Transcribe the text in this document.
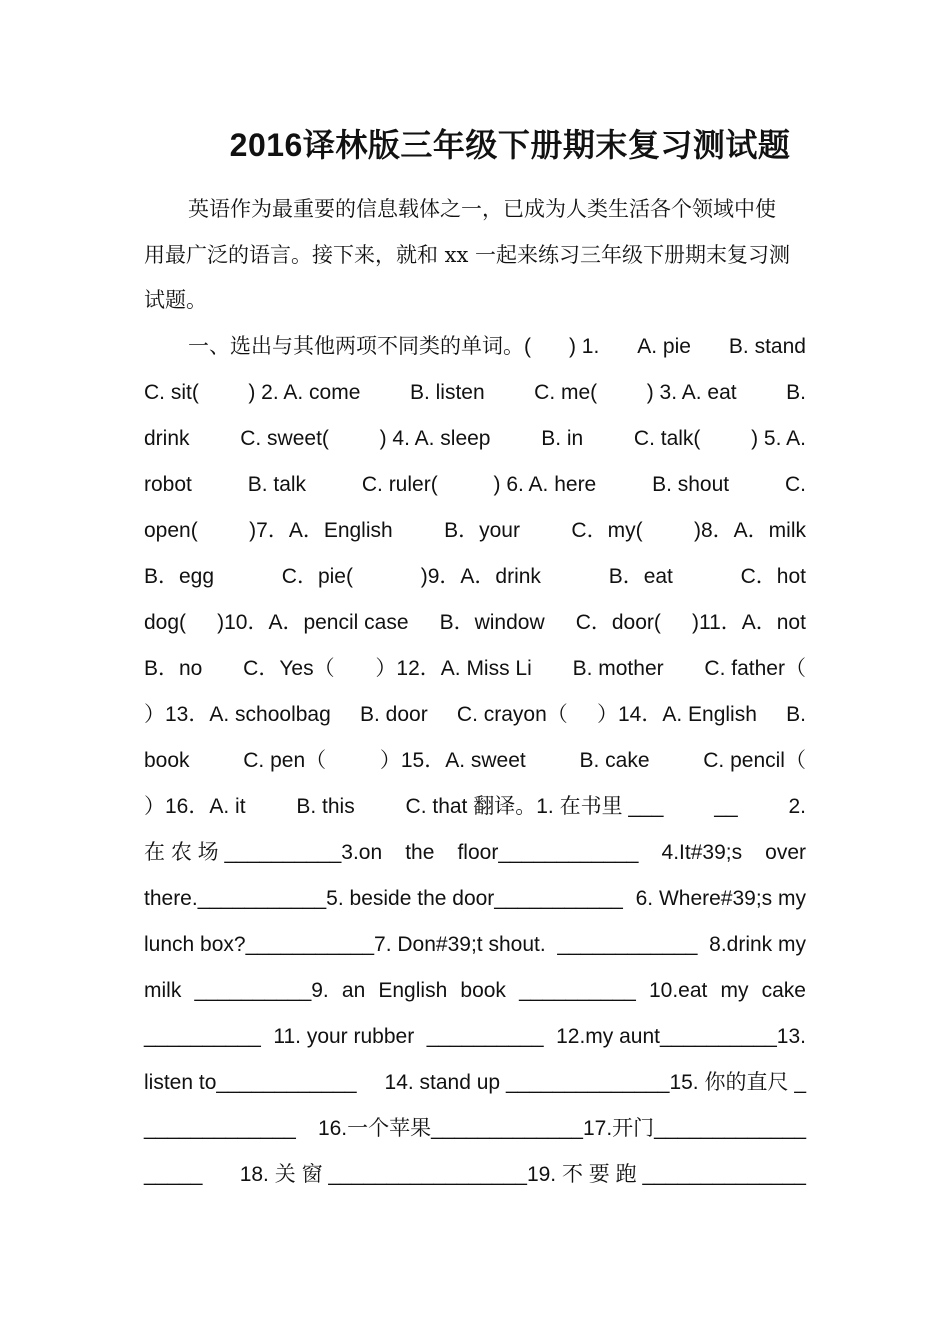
2016译林版三年级下册期末复习测试题
英语作为最重要的信息载体之一，已成为人类生活各个领域中使
用最广泛的语言。接下来，就和 xx 一起来练习三年级下册期末复习测
试题。
一、选出与其他两项不同类的单词。( ) 1. A. pie B. stand
C. sit( ) 2. A. come B. listen C. me( ) 3. A. eat B.
drink C. sweet( ) 4. A. sleep B. in C. talk( ) 5. A.
robot	B. talk	C. ruler(	) 6. A. here	B. shout	C.
open( )7．A．English B．your C．my( )8．A．milk
B．egg	C．pie(	)9．A．drink	B．eat	C．hot
dog( )10．A．pencil case B．window C．door( )11．A．not
B．no C．Yes（ ）12．A. Miss Li B. mother C. father（
）13．A. schoolbag B. door C. crayon（ ）14．A. English B.
book	C. pen（	）15．A. sweet	B. cake	C. pencil（
）16．A. it B. this C. that 翻译。1. 在书里 ___ __ 2.
在 农 场 __________3.on the floor____________ 4.It#39;s over
there.___________5. beside the door___________ 6. Where#39;s my
lunch box?___________7. Don#39;t shout. ____________ 8.drink my
milk __________9. an English book __________ 10.eat my cake
__________ 11. your rubber __________ 12.my aunt__________13.
listen to____________ 14. stand up ______________15. 你的直尺 _
_____________ 16.一个苹果_____________17.开门_____________
_____ 18. 关 窗 _________________19. 不 要 跑 ______________
